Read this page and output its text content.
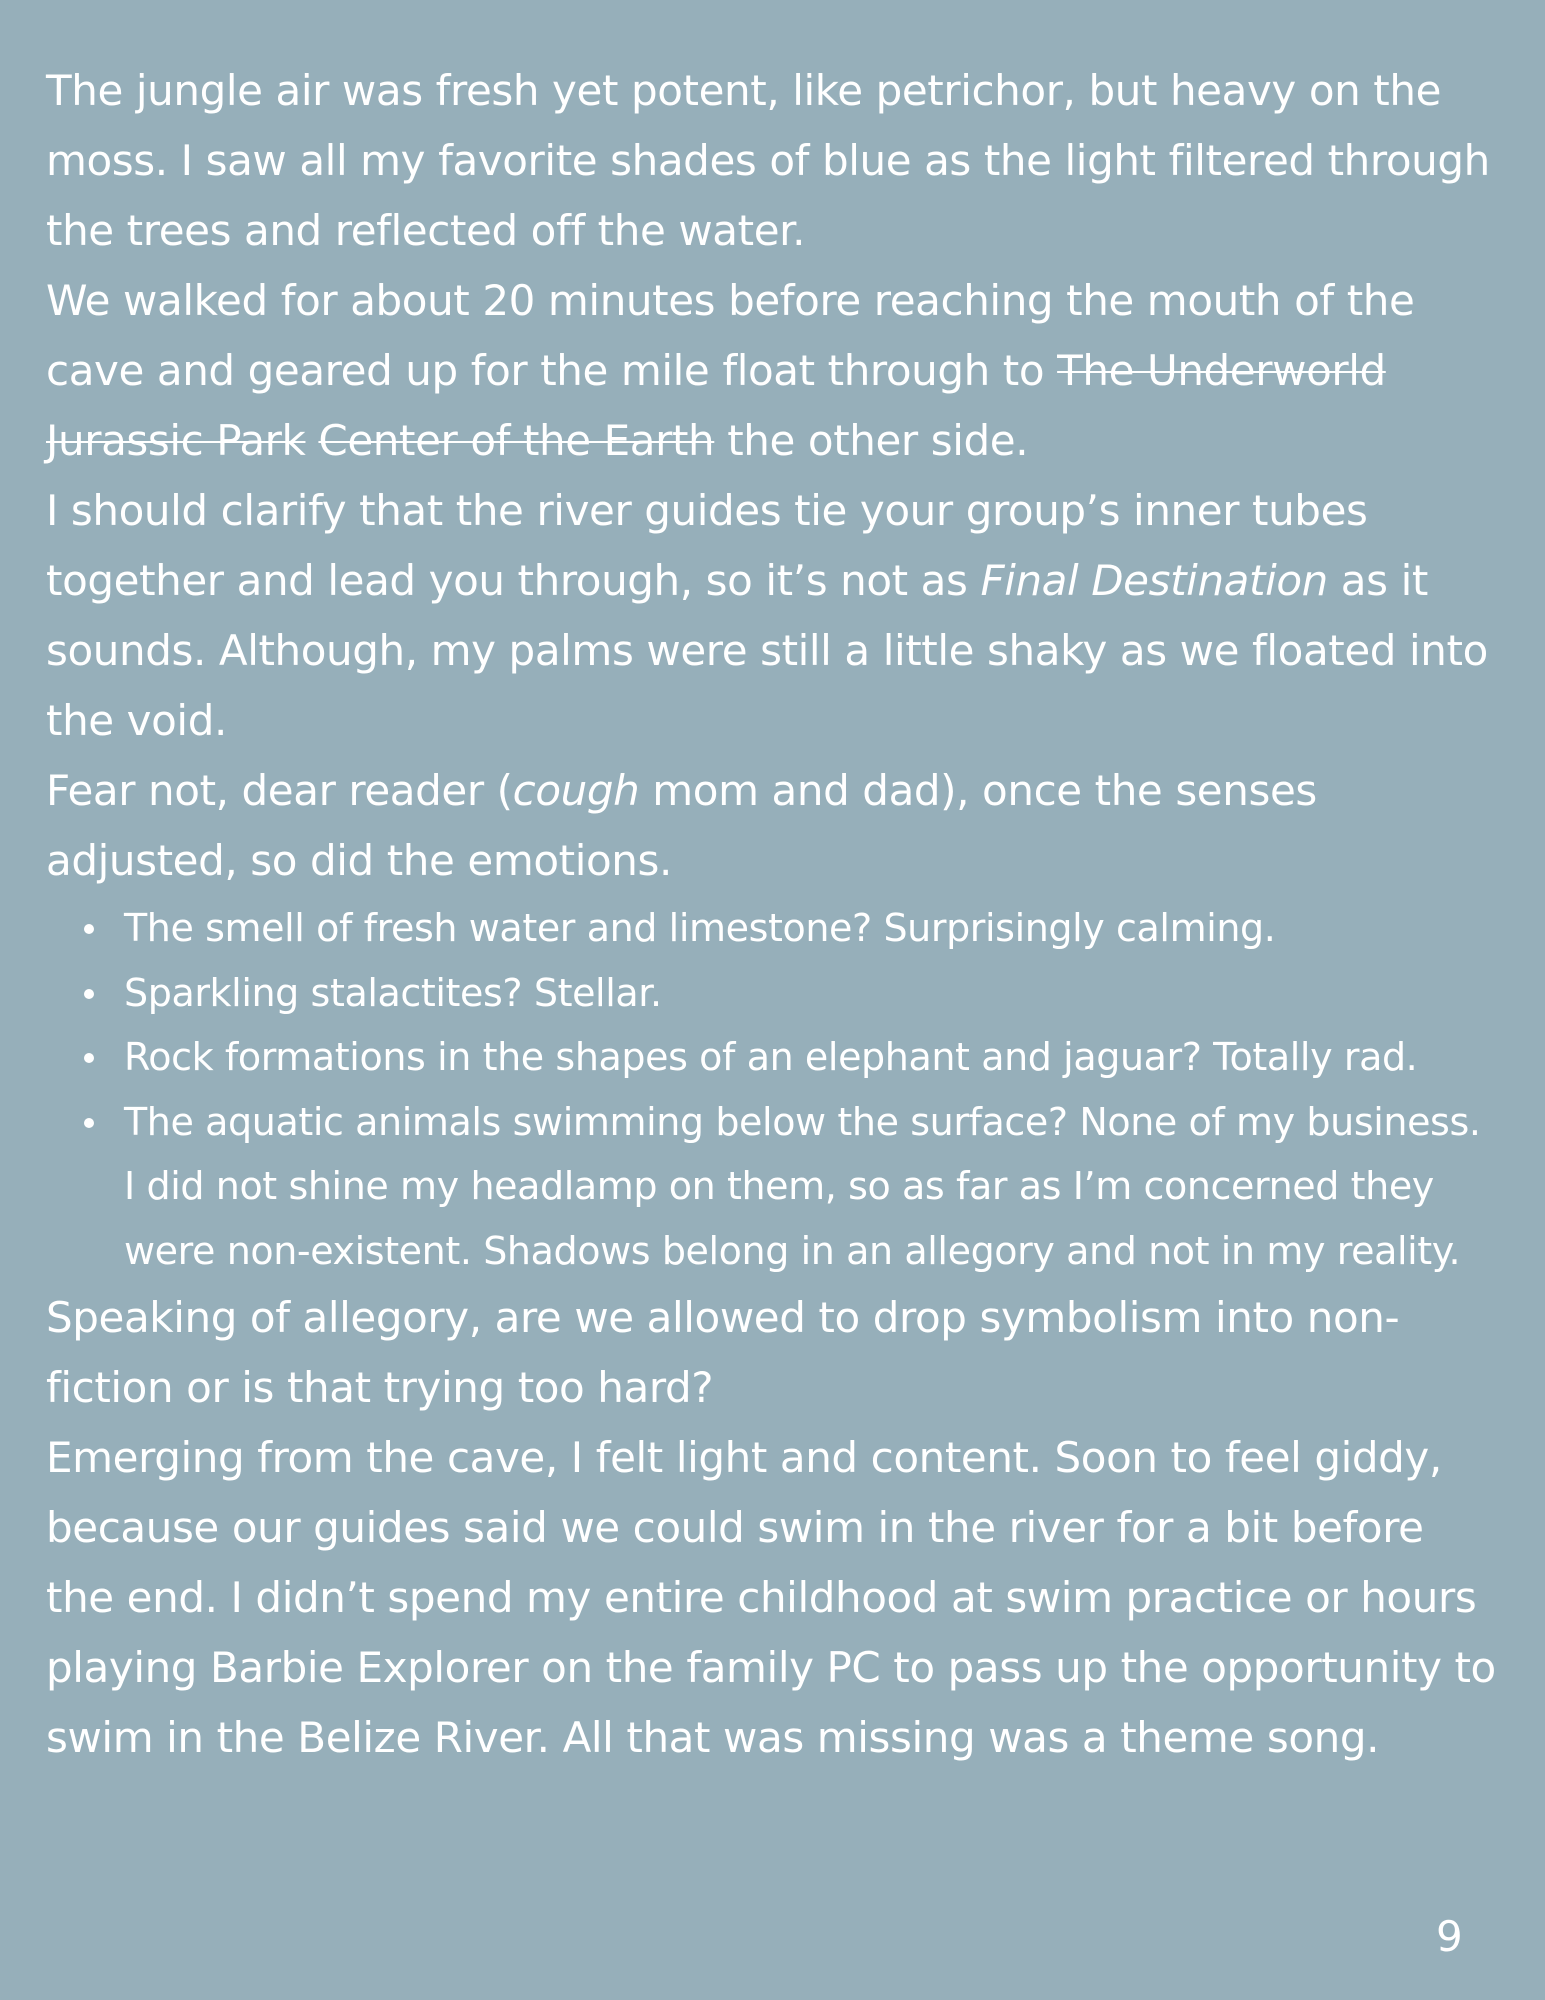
The jungle air was fresh yet potent, like petrichor, but heavy on the moss. I saw all my favorite shades of blue as the light filtered through the trees and reflected off the water.

We walked for about 20 minutes before reaching the mouth of the cave and geared up for the mile float through to The Underworld Jurassic Park Center of the Earth the other side.

I should clarify that the river guides tie your group’s inner tubes together and lead you through, so it’s not as Final Destination as it sounds. Although, my palms were still a little shaky as we floated into the void.

Fear not, dear reader (cough mom and dad), once the senses adjusted, so did the emotions.

The smell of fresh water and limestone? Surprisingly calming.
Sparkling stalactites? Stellar.
Rock formations in the shapes of an elephant and jaguar? Totally rad.
The aquatic animals swimming below the surface? None of my business. I did not shine my headlamp on them, so as far as I’m concerned they were non-existent. Shadows belong in an allegory and not in my reality.

Speaking of allegory, are we allowed to drop symbolism into non-fiction or is that trying too hard?

Emerging from the cave, I felt light and content. Soon to feel giddy, because our guides said we could swim in the river for a bit before the end. I didn’t spend my entire childhood at swim practice or hours playing Barbie Explorer on the family PC to pass up the opportunity to swim in the Belize River. All that was missing was a theme song.

9
